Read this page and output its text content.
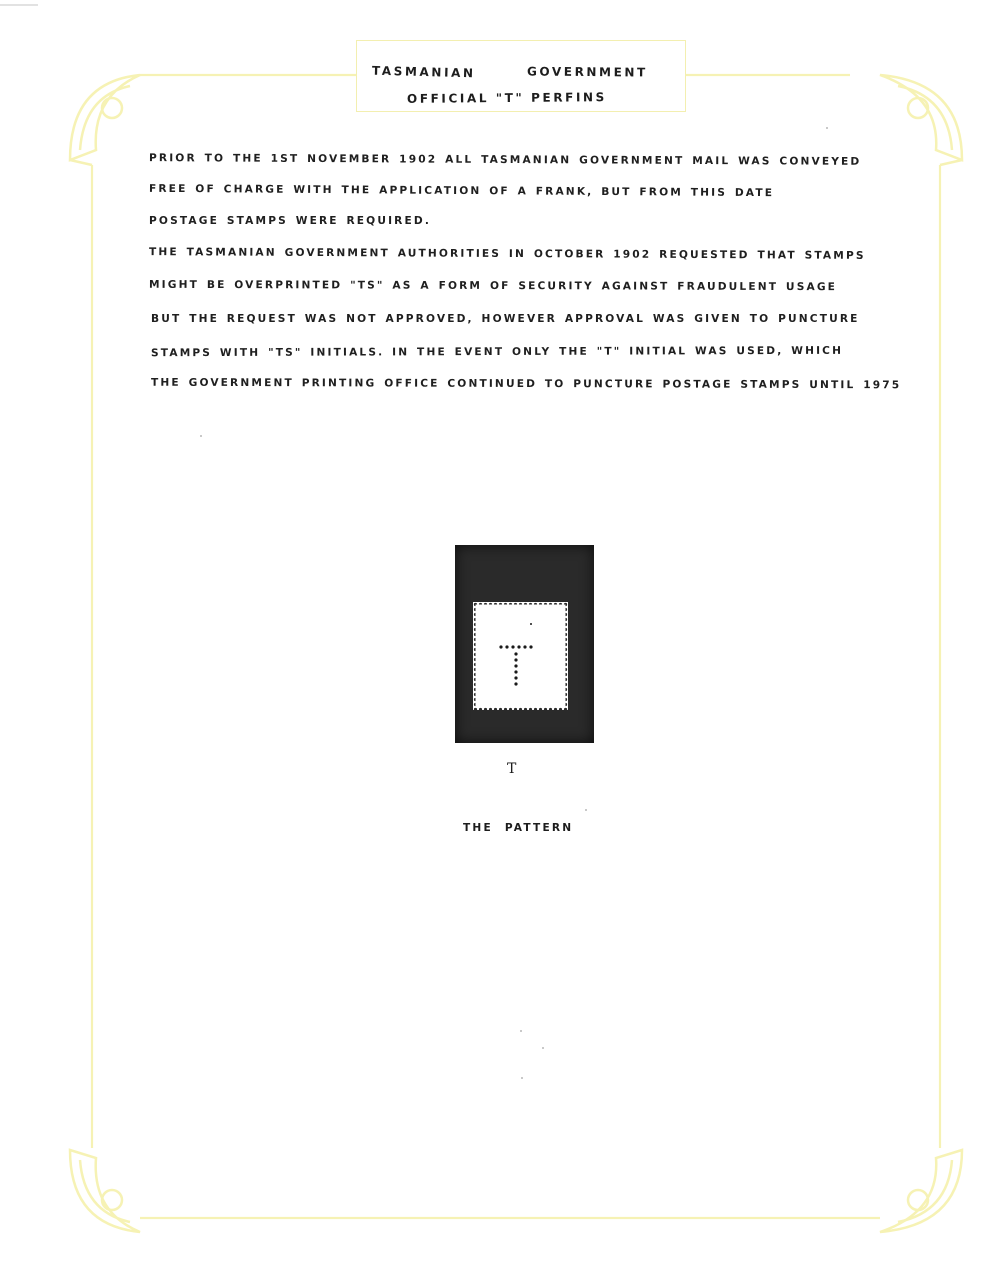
TASMANIAN	GOVERNMENT
OFFICIAL "T" PERFINS
PRIOR TO THE 1ST NOVEMBER 1902 ALL TASMANIAN GOVERNMENT MAIL WAS CONVEYED
FREE OF CHARGE WITH THE APPLICATION OF A FRANK, BUT FROM THIS DATE
POSTAGE STAMPS WERE REQUIRED.
THE TASMANIAN GOVERNMENT AUTHORITIES IN OCTOBER 1902 REQUESTED THAT STAMPS
MIGHT BE OVERPRINTED "TS" AS A FORM OF SECURITY AGAINST FRAUDULENT USAGE
BUT THE REQUEST WAS NOT APPROVED, HOWEVER APPROVAL WAS GIVEN TO PUNCTURE
STAMPS WITH "TS" INITIALS. IN THE EVENT ONLY THE "T" INITIAL WAS USED, WHICH
THE GOVERNMENT PRINTING OFFICE CONTINUED TO PUNCTURE POSTAGE STAMPS UNTIL 1975
T
THE PATTERN
